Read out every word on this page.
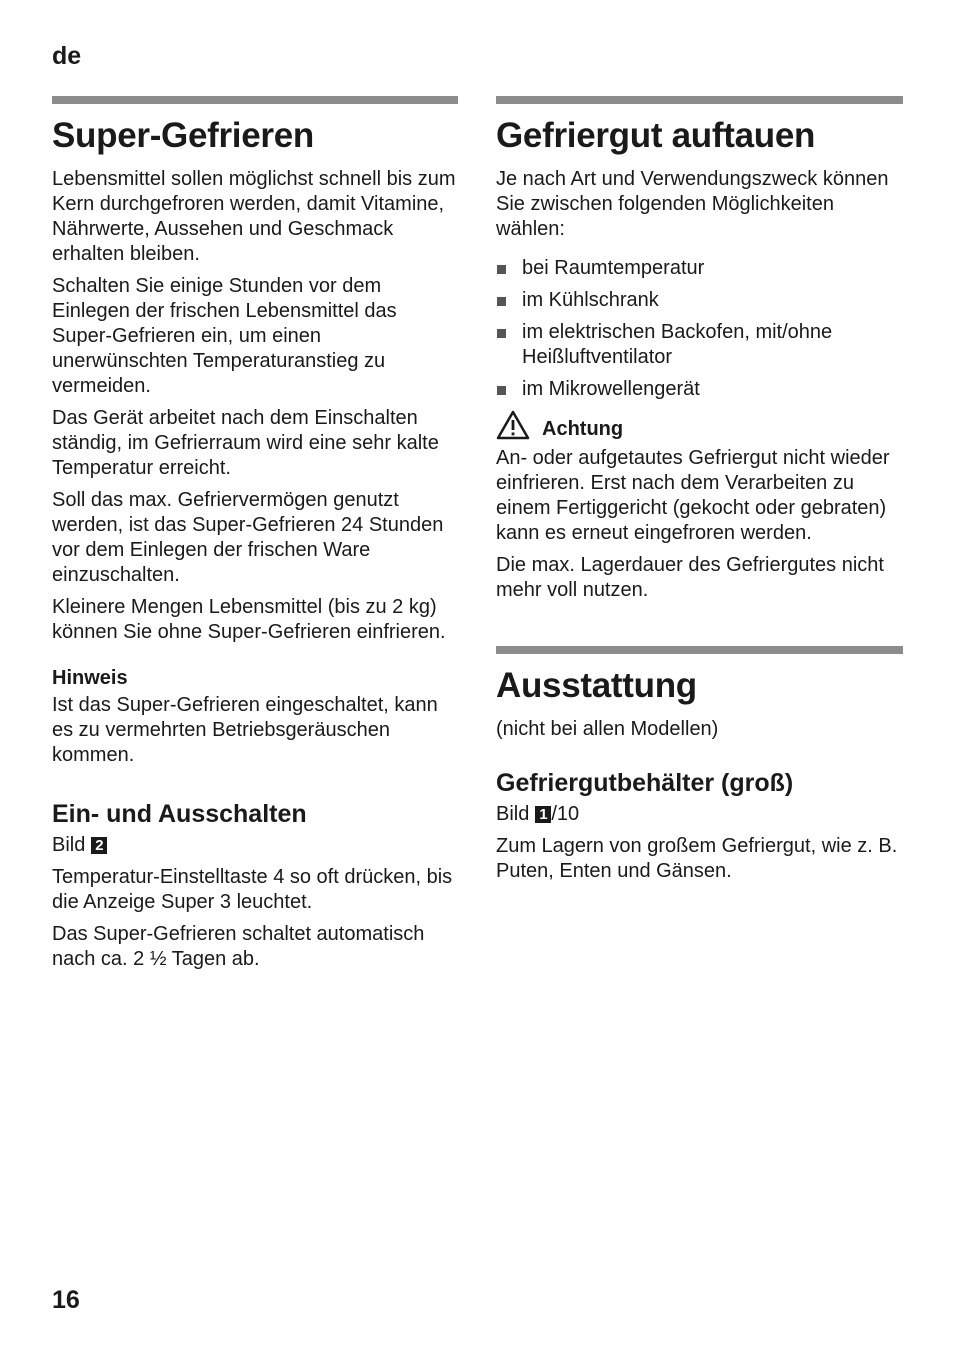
de
Super-Gefrieren

Lebensmittel sollen möglichst schnell bis zum Kern durchgefroren werden, damit Vitamine, Nährwerte, Aussehen und Geschmack erhalten bleiben.

Schalten Sie einige Stunden vor dem Einlegen der frischen Lebensmittel das Super-Gefrieren ein, um einen unerwünschten Temperaturanstieg zu vermeiden.

Das Gerät arbeitet nach dem Einschalten ständig, im Gefrierraum wird eine sehr kalte Temperatur erreicht.

Soll das max. Gefriervermögen genutzt werden, ist das Super-Gefrieren 24 Stunden vor dem Einlegen der frischen Ware einzuschalten.

Kleinere Mengen Lebensmittel (bis zu 2 kg) können Sie ohne Super-Gefrieren einfrieren.

Hinweis

Ist das Super-Gefrieren eingeschaltet, kann es zu vermehrten Betriebsgeräuschen kommen.

Ein- und Ausschalten

Bild 2

Temperatur-Einstelltaste 4 so oft drücken, bis die Anzeige Super 3 leuchtet.

Das Super-Gefrieren schaltet automatisch nach ca. 2 ½ Tagen ab.

Gefriergut auftauen

Je nach Art und Verwendungszweck können Sie zwischen folgenden Möglichkeiten wählen:

bei Raumtemperatur
im Kühlschrank
im elektrischen Backofen, mit/ohne Heißluftventilator
im Mikrowellengerät
Achtung

An- oder aufgetautes Gefriergut nicht wieder einfrieren. Erst nach dem Verarbeiten zu einem Fertiggericht (gekocht oder gebraten) kann es erneut eingefroren werden.

Die max. Lagerdauer des Gefriergutes nicht mehr voll nutzen.

Ausstattung

(nicht bei allen Modellen)

Gefriergutbehälter (groß)

Bild 1 /10

Zum Lagern von großem Gefriergut, wie z. B. Puten, Enten und Gänsen.

16
